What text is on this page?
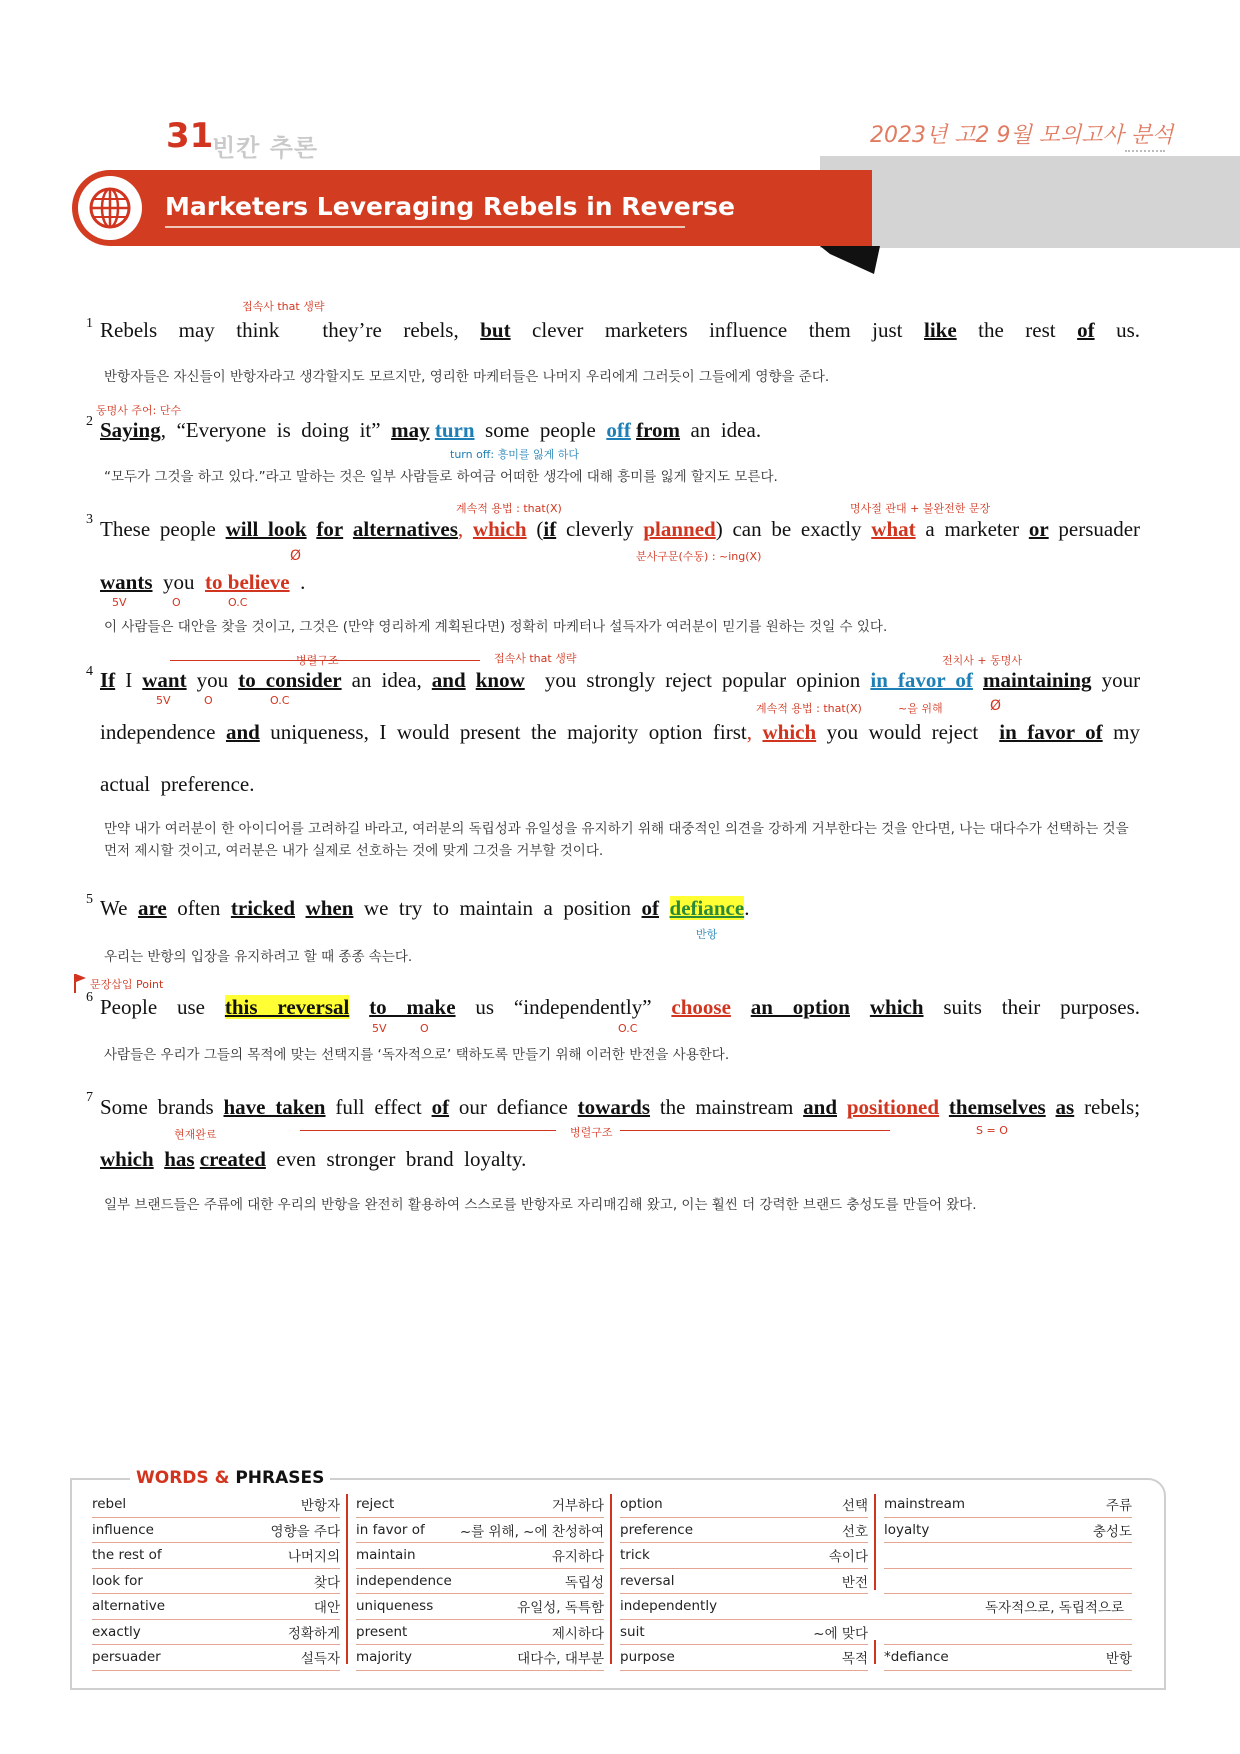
31
빈칸 추론	2023년 고2 9월 모의고사 분석
Marketers Leveraging Rebels in Reverse
1
접속사 that 생략
Rebels may think  they’re rebels, but clever marketers influence them just like the rest of us.
반항자들은 자신들이 반항자라고 생각할지도 모르지만, 영리한 마케터들은 나머지 우리에게 그러듯이 그들에게 영향을 준다.
동명사 주어: 단수
2 Saying,  “Everyone  is  doing  it”  may turn  some  people  off from  an  idea.
turn off: 흥미를 잃게 하다
“모두가 그것을 하고 있다.”라고 말하는 것은 일부 사람들로 하여금 어떠한 생각에 대해 흥미를 잃게 할지도 모른다.
계속적 용법 : that(X)	명사절 관대 + 불완전한 문장
3 These people will look for alternatives, which (if cleverly planned) can be exactly what a marketer or persuader
분사구문(수동) : ~ing(X)
Ø
wants  you  to believe  .
5V	O	O.C
이 사람들은 대안을 찾을 것이고, 그것은 (만약 영리하게 계획된다면) 정확히 마케터나 설득자가 여러분이 믿기를 원하는 것일 수 있다.
병렬구조	접속사 that 생략	전치사 + 동명사
4 If I want you to consider an idea, and know  you strongly reject popular opinion in favor of maintaining your
5V	O	O.C
계속적 용법 : that(X)	~을 위해	Ø
independence and uniqueness, I would present the majority option first, which you would reject  in favor of my
actual  preference.
만약 내가 여러분이 한 아이디어를 고려하길 바라고, 여러분의 독립성과 유일성을 유지하기 위해 대중적인 의견을 강하게 거부한다는 것을 안다면, 나는 대다수가 선택하는 것을 먼저 제시할 것이고, 여러분은 내가 실제로 선호하는 것에 맞게 그것을 거부할 것이다.
5 We  are  often  tricked when  we  try  to  maintain  a  position  of defiance.
반항
우리는 반항의 입장을 유지하려고 할 때 종종 속는다.
문장삽입 Point
6 People use this reversal to make us “independently” choose an option which suits their purposes.
5V	O	O.C
사람들은 우리가 그들의 목적에 맞는 선택지를 ‘독자적으로’ 택하도록 만들기 위해 이러한 반전을 사용한다.
7 Some brands have taken full effect of our defiance towards the mainstream and positioned themselves as rebels;
현재완료	병렬구조	S = O
which has created  even  stronger  brand  loyalty.
일부 브랜드들은 주류에 대한 우리의 반항을 완전히 활용하여 스스로를 반항자로 자리매김해 왔고, 이는 훨씬 더 강력한 브랜드 충성도를 만들어 왔다.
WORDS & PHRASES
rebel	반항자
influence	영향을 주다
the rest of	나머지의
look for	찾다
alternative	대안
exactly	정확하게
persuader	설득자
reject	거부하다
in favor of	~를 위해, ~에 찬성하여
maintain	유지하다
independence	독립성
uniqueness	유일성, 독특함
present	제시하다
majority	대다수, 대부분
option	선택
preference	선호
trick	속이다
reversal	반전
independently	독자적으로, 독립적으로
suit	~에 맞다
purpose	목적
mainstream	주류
loyalty	충성도
*defiance	반항
